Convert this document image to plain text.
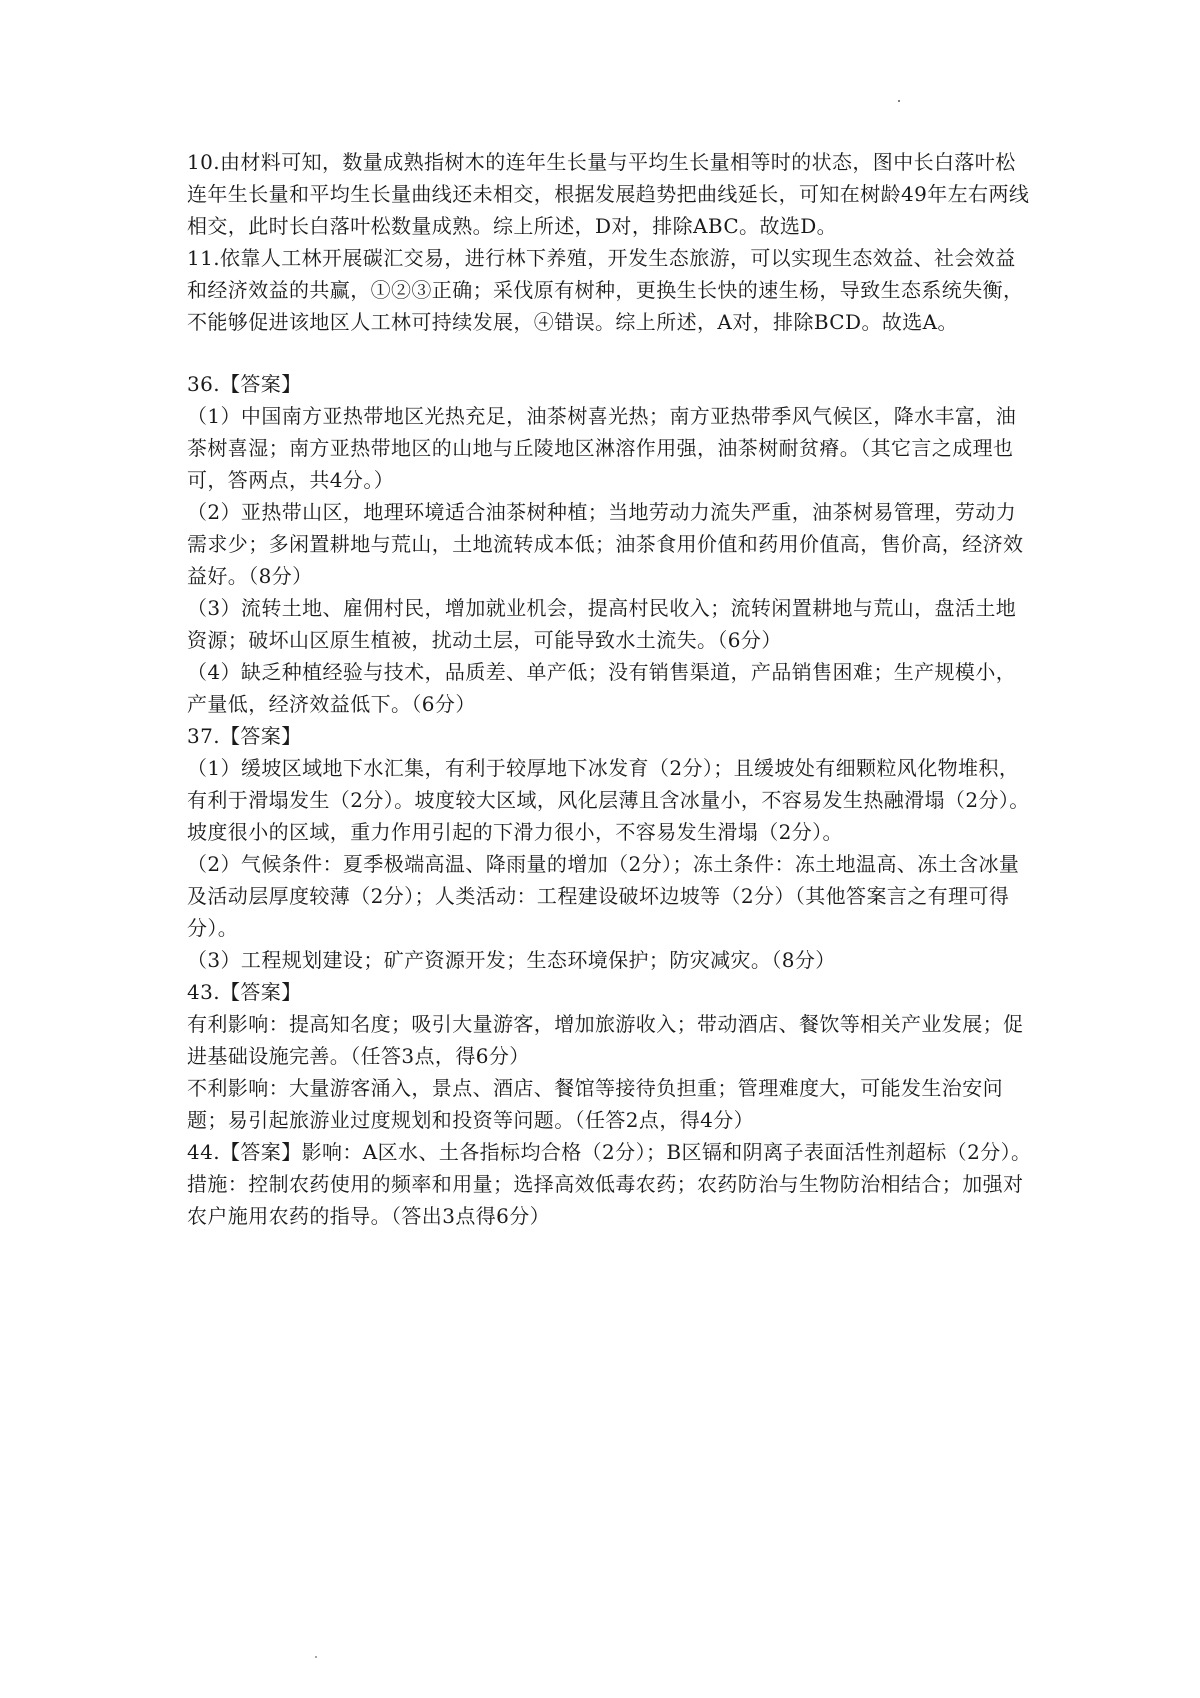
10.由材料可知，数量成熟指树木的连年生长量与平均生长量相等时的状态，图中长白落叶松连年生长量和平均生长量曲线还未相交，根据发展趋势把曲线延长，可知在树龄49年左右两线相交，此时长白落叶松数量成熟。综上所述，D对，排除ABC。故选D。

11.依靠人工林开展碳汇交易，进行林下养殖，开发生态旅游，可以实现生态效益、社会效益和经济效益的共赢，①②③正确；采伐原有树种，更换生长快的速生杨，导致生态系统失衡，不能够促进该地区人工林可持续发展，④错误。综上所述，A对，排除BCD。故选A。

36.【答案】

（1）中国南方亚热带地区光热充足，油茶树喜光热；南方亚热带季风气候区，降水丰富，油茶树喜湿；南方亚热带地区的山地与丘陵地区淋溶作用强，油茶树耐贫瘠。（其它言之成理也可，答两点，共4分。）

（2）亚热带山区，地理环境适合油茶树种植；当地劳动力流失严重，油茶树易管理，劳动力需求少；多闲置耕地与荒山，土地流转成本低；油茶食用价值和药用价值高，售价高，经济效益好。（8分）

（3）流转土地、雇佣村民，增加就业机会，提高村民收入；流转闲置耕地与荒山，盘活土地资源；破坏山区原生植被，扰动土层，可能导致水土流失。（6分）

（4）缺乏种植经验与技术，品质差、单产低；没有销售渠道，产品销售困难；生产规模小，产量低，经济效益低下。（6分）

37.【答案】

（1）缓坡区域地下水汇集，有利于较厚地下冰发育（2分）；且缓坡处有细颗粒风化物堆积，有利于滑塌发生（2分）。坡度较大区域，风化层薄且含冰量小，不容易发生热融滑塌（2分）。坡度很小的区域，重力作用引起的下滑力很小，不容易发生滑塌（2分）。

（2）气候条件：夏季极端高温、降雨量的增加（2分）；冻土条件：冻土地温高、冻土含冰量及活动层厚度较薄（2分）；人类活动：工程建设破坏边坡等（2分）（其他答案言之有理可得分）。

（3）工程规划建设；矿产资源开发；生态环境保护；防灾减灾。（8分）

43.【答案】

有利影响：提高知名度；吸引大量游客，增加旅游收入；带动酒店、餐饮等相关产业发展；促进基础设施完善。（任答3点，得6分）

不利影响：大量游客涌入，景点、酒店、餐馆等接待负担重；管理难度大，可能发生治安问题；易引起旅游业过度规划和投资等问题。（任答2点，得4分）

44.【答案】影响：A区水、土各指标均合格（2分）；B区镉和阴离子表面活性剂超标（2分）。

措施：控制农药使用的频率和用量；选择高效低毒农药；农药防治与生物防治相结合；加强对农户施用农药的指导。（答出3点得6分）
